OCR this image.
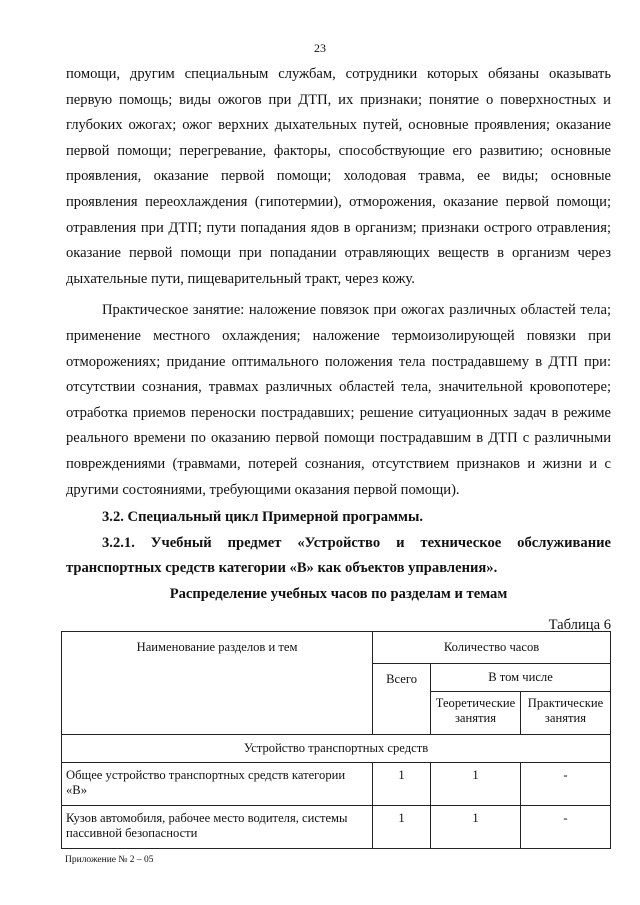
23

помощи, другим специальным службам, сотрудники которых обязаны оказывать первую помощь; виды ожогов при ДТП, их признаки; понятие о поверхностных и глубоких ожогах; ожог верхних дыхательных путей, основные проявления; оказание первой помощи; перегревание, факторы, способствующие его развитию; основные проявления, оказание первой помощи; холодовая травма, ее виды; основные проявления переохлаждения (гипотермии), отморожения, оказание первой помощи; отравления при ДТП; пути попадания ядов в организм; признаки острого отравления; оказание первой помощи при попадании отравляющих веществ в организм через дыхательные пути, пищеварительный тракт, через кожу.

Практическое занятие: наложение повязок при ожогах различных областей тела; применение местного охлаждения; наложение термоизолирующей повязки при отморожениях; придание оптимального положения тела пострадавшему в ДТП при: отсутствии сознания, травмах различных областей тела, значительной кровопотере; отработка приемов переноски пострадавших; решение ситуационных задач в режиме реального времени по оказанию первой помощи пострадавшим в ДТП с различными повреждениями (травмами, потерей сознания, отсутствием признаков и жизни и с другими состояниями, требующими оказания первой помощи).

3.2. Специальный цикл Примерной программы.

3.2.1. Учебный предмет «Устройство и техническое обслуживание транспортных средств категории «В» как объектов управления».

Распределение учебных часов по разделам и темам

Таблица 6

Наименование разделов и тем	Количество часов		
	Всего	В том числе	
		Теоретические занятия	Практические занятия
Устройство транспортных средств			
Общее устройство транспортных средств категории «В»	1	1	-
Кузов автомобиля, рабочее место водителя, системы пассивной безопасности	1	1	-
Приложение № 2 – 05
